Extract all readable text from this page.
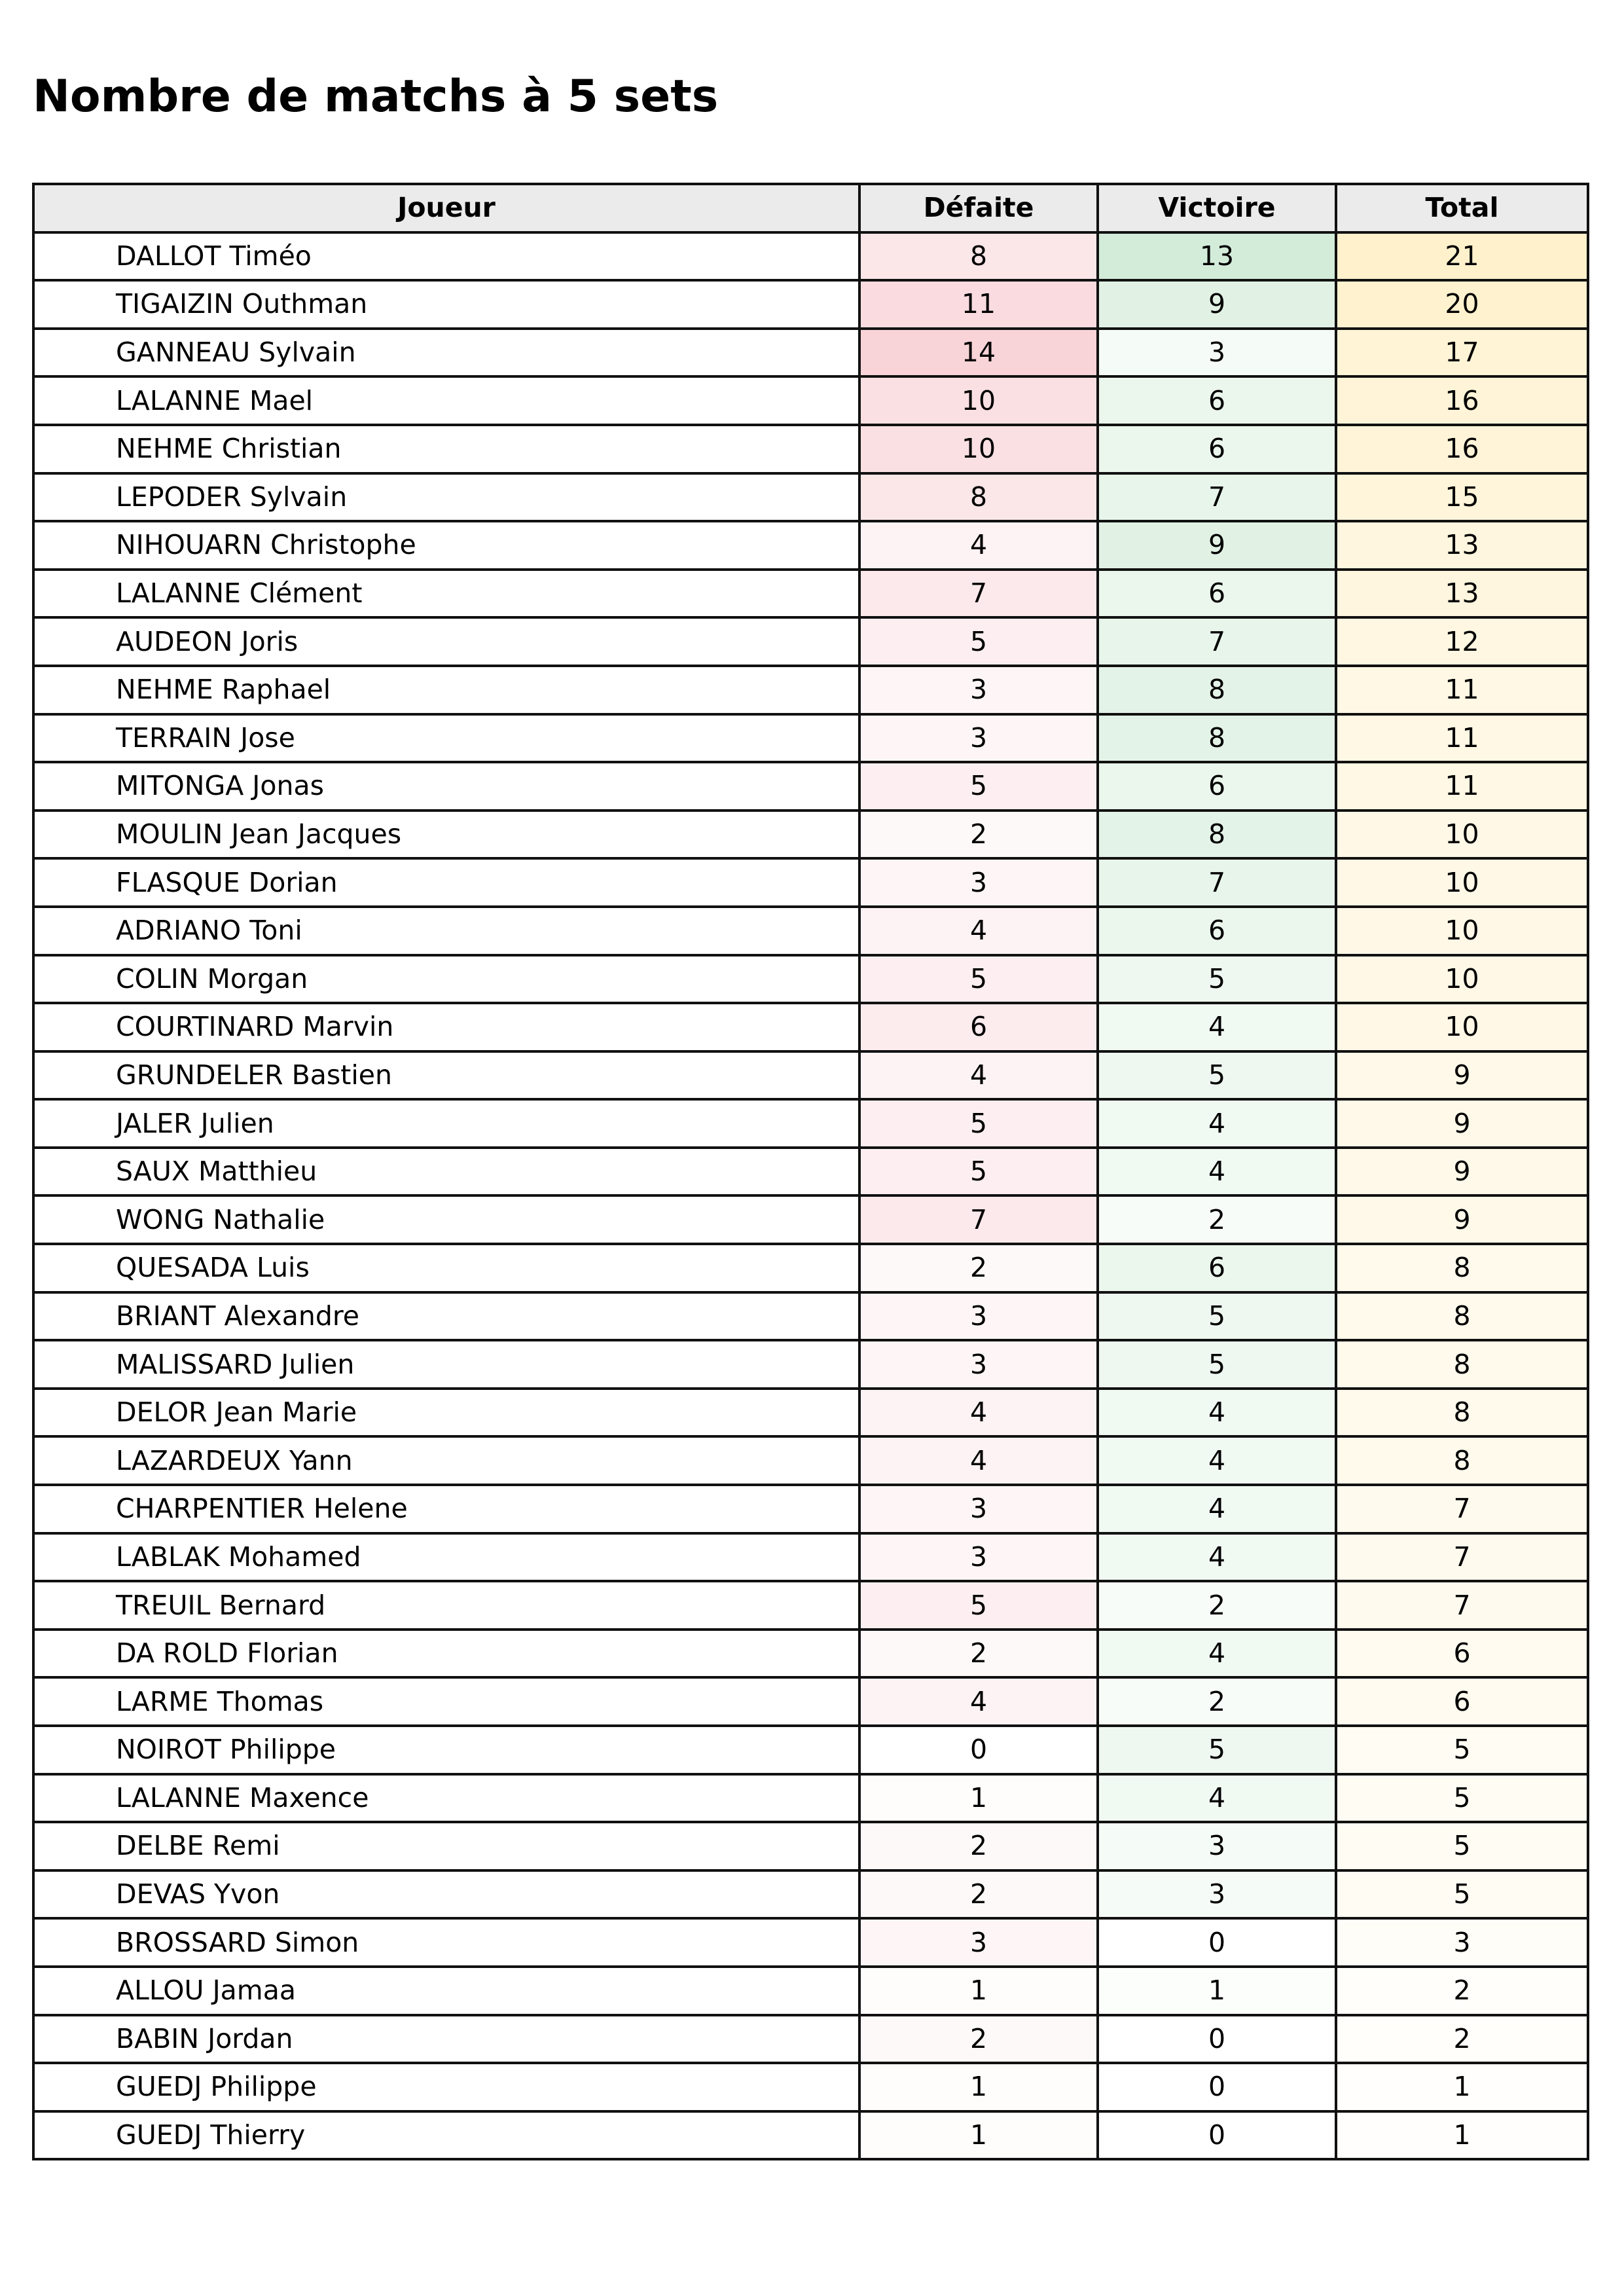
Nombre de matchs à 5 sets
Joueur	Défaite	Victoire	Total
DALLOT Timéo	8	13	21
TIGAIZIN Outhman	11	9	20
GANNEAU Sylvain	14	3	17
LALANNE Mael	10	6	16
NEHME Christian	10	6	16
LEPODER Sylvain	8	7	15
NIHOUARN Christophe	4	9	13
LALANNE Clément	7	6	13
AUDEON Joris	5	7	12
NEHME Raphael	3	8	11
TERRAIN Jose	3	8	11
MITONGA Jonas	5	6	11
MOULIN Jean Jacques	2	8	10
FLASQUE Dorian	3	7	10
ADRIANO Toni	4	6	10
COLIN Morgan	5	5	10
COURTINARD Marvin	6	4	10
GRUNDELER Bastien	4	5	9
JALER Julien	5	4	9
SAUX Matthieu	5	4	9
WONG Nathalie	7	2	9
QUESADA Luis	2	6	8
BRIANT Alexandre	3	5	8
MALISSARD Julien	3	5	8
DELOR Jean Marie	4	4	8
LAZARDEUX Yann	4	4	8
CHARPENTIER Helene	3	4	7
LABLAK Mohamed	3	4	7
TREUIL Bernard	5	2	7
DA ROLD Florian	2	4	6
LARME Thomas	4	2	6
NOIROT Philippe	0	5	5
LALANNE Maxence	1	4	5
DELBE Remi	2	3	5
DEVAS Yvon	2	3	5
BROSSARD Simon	3	0	3
ALLOU Jamaa	1	1	2
BABIN Jordan	2	0	2
GUEDJ Philippe	1	0	1
GUEDJ Thierry	1	0	1
